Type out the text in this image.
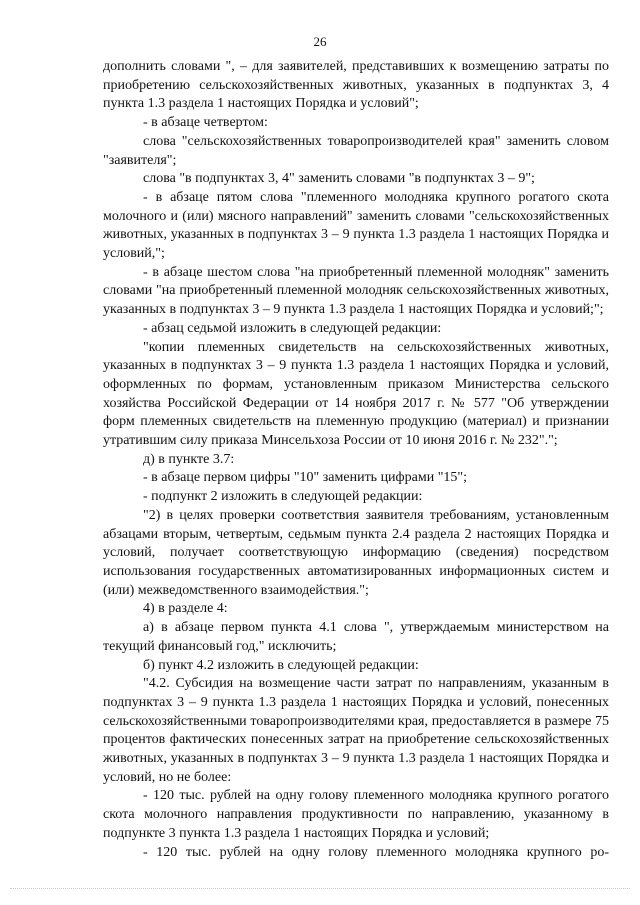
26

дополнить словами ", – для заявителей, представивших к возмещению затраты по приобретению сельскохозяйственных животных, указанных в подпунктах 3, 4 пункта 1.3 раздела 1 настоящих Порядка и условий";

- в абзаце четвертом:

слова "сельскохозяйственных товаропроизводителей края" заменить словом "заявителя";

слова "в подпунктах 3, 4" заменить словами "в подпунктах 3 – 9";

- в абзаце пятом слова "племенного молодняка крупного рогатого скота молочного и (или) мясного направлений" заменить словами "сельскохозяйственных животных, указанных в подпунктах 3 – 9 пункта 1.3 раздела 1 настоящих Порядка и условий,";

- в абзаце шестом слова "на приобретенный племенной молодняк" заменить словами "на приобретенный племенной молодняк сельскохозяйственных животных, указанных в подпунктах 3 – 9 пункта 1.3 раздела 1 настоящих Порядка и условий;";

- абзац седьмой изложить в следующей редакции:

"копии племенных свидетельств на сельскохозяйственных животных, указанных в подпунктах 3 – 9 пункта 1.3 раздела 1 настоящих Порядка и условий, оформленных по формам, установленным приказом Министерства сельского хозяйства Российской Федерации от 14 ноября 2017 г. № 577 "Об утверждении форм племенных свидетельств на племенную продукцию (материал) и признании утратившим силу приказа Минсельхоза России от 10 июня 2016 г. № 232".";

д) в пункте 3.7:

- в абзаце первом цифры "10" заменить цифрами "15";

- подпункт 2 изложить в следующей редакции:

"2) в целях проверки соответствия заявителя требованиям, установленным абзацами вторым, четвертым, седьмым пункта 2.4 раздела 2 настоящих Порядка и условий, получает соответствующую информацию (сведения) посредством использования государственных автоматизированных информационных систем и (или) межведомственного взаимодействия.";

4) в разделе 4:

а) в абзаце первом пункта 4.1 слова ", утверждаемым министерством на текущий финансовый год," исключить;

б) пункт 4.2 изложить в следующей редакции:

"4.2. Субсидия на возмещение части затрат по направлениям, указанным в подпунктах 3 – 9 пункта 1.3 раздела 1 настоящих Порядка и условий, понесенных сельскохозяйственными товаропроизводителями края, предоставляется в размере 75 процентов фактических понесенных затрат на приобретение сельскохозяйственных животных, указанных в подпунктах 3 – 9 пункта 1.3 раздела 1 настоящих Порядка и условий, но не более:

- 120 тыс. рублей на одну голову племенного молодняка крупного рогатого скота молочного направления продуктивности по направлению, указанному в подпункте 3 пункта 1.3 раздела 1 настоящих Порядка и условий;

- 120 тыс. рублей на одну голову племенного молодняка крупного ро-
